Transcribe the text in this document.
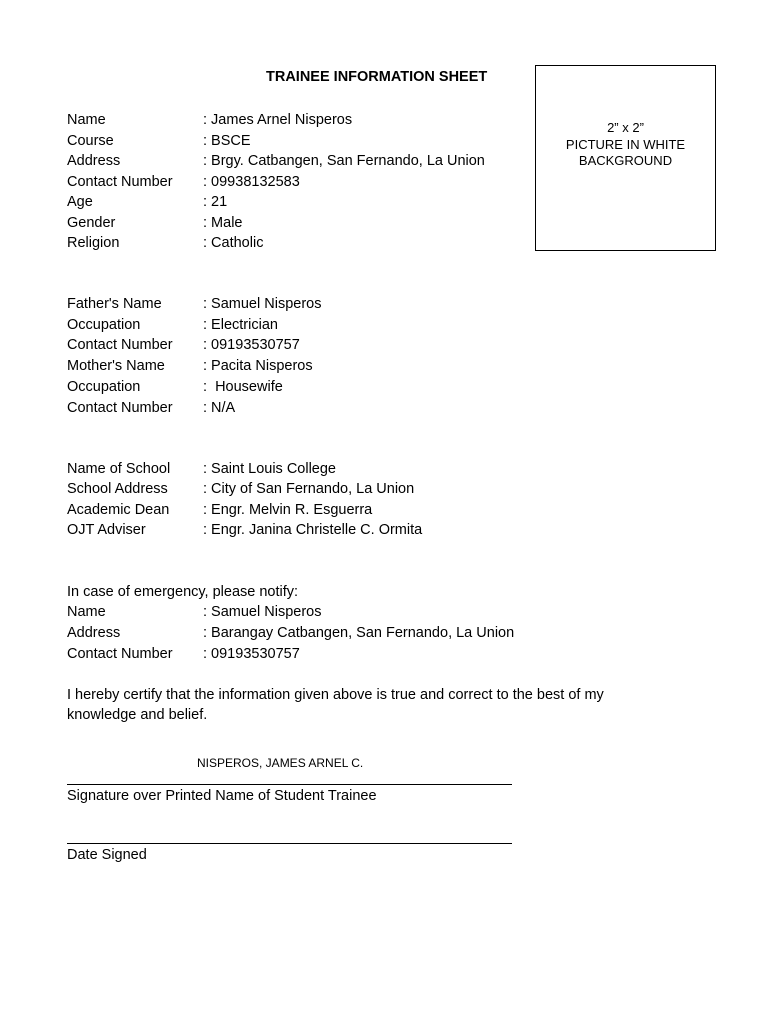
TRAINEE INFORMATION SHEET
2” x 2”
PICTURE IN WHITE
BACKGROUND
Name	: James Arnel Nisperos
Course	: BSCE
Address	: Brgy. Catbangen, San Fernando, La Union
Contact Number : 09938132583
Age	: 21
Gender	: Male
Religion	: Catholic
Father's Name	: Samuel Nisperos
Occupation	: Electrician
Contact Number : 09193530757
Mother's Name	: Pacita Nisperos
Occupation	:  Housewife
Contact Number : N/A
Name of School : Saint Louis College
School Address : City of San Fernando, La Union
Academic Dean : Engr. Melvin R. Esguerra
OJT Adviser	: Engr. Janina Christelle C. Ormita
In case of emergency, please notify:
Name	: Samuel Nisperos
Address	: Barangay Catbangen, San Fernando, La Union
Contact Number : 09193530757
I hereby certify that the information given above is true and correct to the best of my knowledge and belief.
NISPEROS, JAMES ARNEL C.
Signature over Printed Name of Student Trainee
Date Signed
